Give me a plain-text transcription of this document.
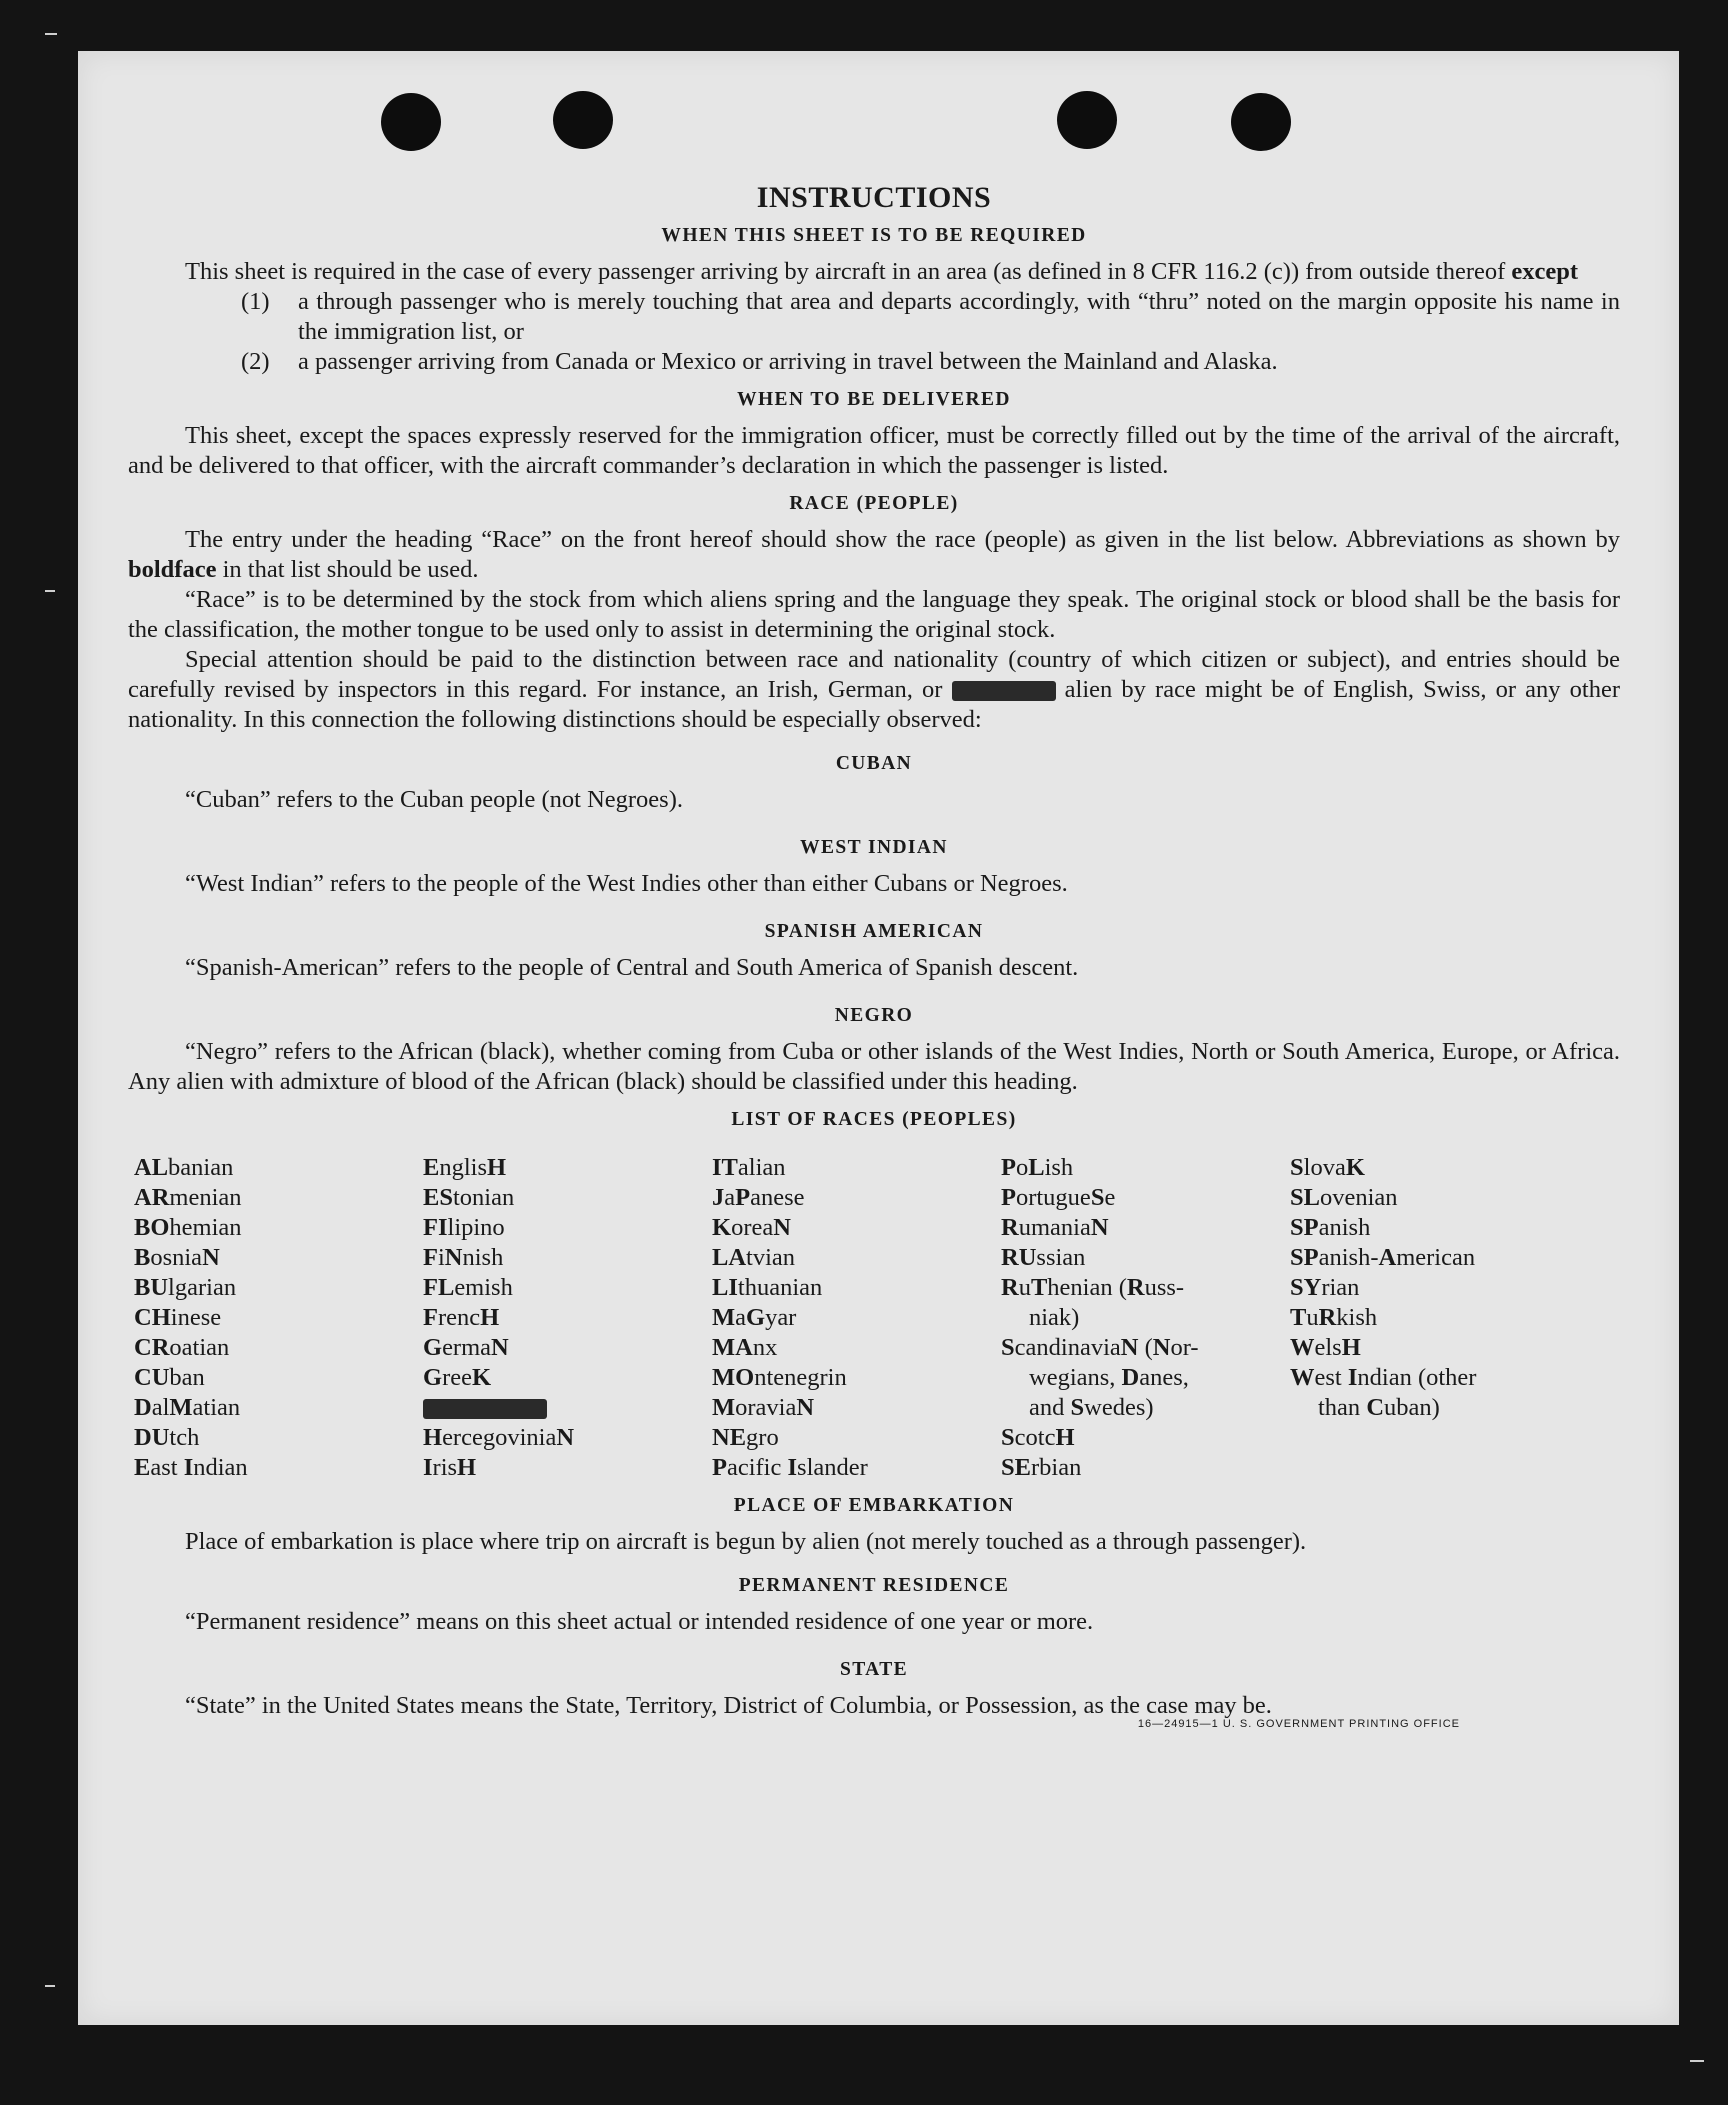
INSTRUCTIONS
WHEN THIS SHEET IS TO BE REQUIRED

This sheet is required in the case of every passenger arriving by aircraft in an area (as defined in 8 CFR 116.2 (c)) from outside thereof except

(1)	a through passenger who is merely touching that area and departs accordingly, with “thru” noted on the margin opposite his name in the immigration list, or
(2)	a passenger arriving from Canada or Mexico or arriving in travel between the Mainland and Alaska.
WHEN TO BE DELIVERED

This sheet, except the spaces expressly reserved for the immigration officer, must be correctly filled out by the time of the arrival of the aircraft, and be delivered to that officer, with the aircraft commander’s declaration in which the passenger is listed.

RACE (PEOPLE)

The entry under the heading “Race” on the front hereof should show the race (people) as given in the list below. Abbreviations as shown by boldface in that list should be used.

“Race” is to be determined by the stock from which aliens spring and the language they speak. The original stock or blood shall be the basis for the classification, the mother tongue to be used only to assist in determining the original stock.

Special attention should be paid to the distinction between race and nationality (country of which citizen or subject), and entries should be carefully revised by inspectors in this regard. For instance, an Irish, German, or	alien by race might be of English, Swiss, or any other nationality. In this connection the following distinctions should be especially observed:

CUBAN

“Cuban” refers to the Cuban people (not Negroes).

WEST INDIAN

“West Indian” refers to the people of the West Indies other than either Cubans or Negroes.

SPANISH AMERICAN

“Spanish-American” refers to the people of Central and South America of Spanish descent.

NEGRO

“Negro” refers to the African (black), whether coming from Cuba or other islands of the West Indies, North or South America, Europe, or Africa. Any alien with admixture of blood of the African (black) should be classified under this heading.

LIST OF RACES (PEOPLES)
ALbanian
ARmenian
BOhemian
BosniaN
BUlgarian
CHinese
CRoatian
CUban
DalMatian
DUtch
East Indian
EnglisH
EStonian
FIlipino
FiNnish
FLemish
FrencH
GermaN
GreeK
HercegoviniaN
IrisH
ITalian
JaPanese
KoreaN
LAtvian
LIthuanian
MaGyar
MAnx
MOntenegrin
MoraviaN
NEgro
Pacific Islander
PoLish
PortugueSe
RumaniaN
RUssian
RuThenian (Russ-
niak)
ScandinaviaN (Nor-
wegians, Danes,
and Swedes)
ScotcH
SErbian
SlovaK
SLovenian
SPanish
SPanish-American
SYrian
TuRkish
WelsH
West Indian (other
than Cuban)
PLACE OF EMBARKATION

Place of embarkation is place where trip on aircraft is begun by alien (not merely touched as a through passenger).

PERMANENT RESIDENCE

“Permanent residence” means on this sheet actual or intended residence of one year or more.

STATE

“State” in the United States means the State, Territory, District of Columbia, or Possession, as the case may be.

16—24915—1 U. S. GOVERNMENT PRINTING OFFICE
